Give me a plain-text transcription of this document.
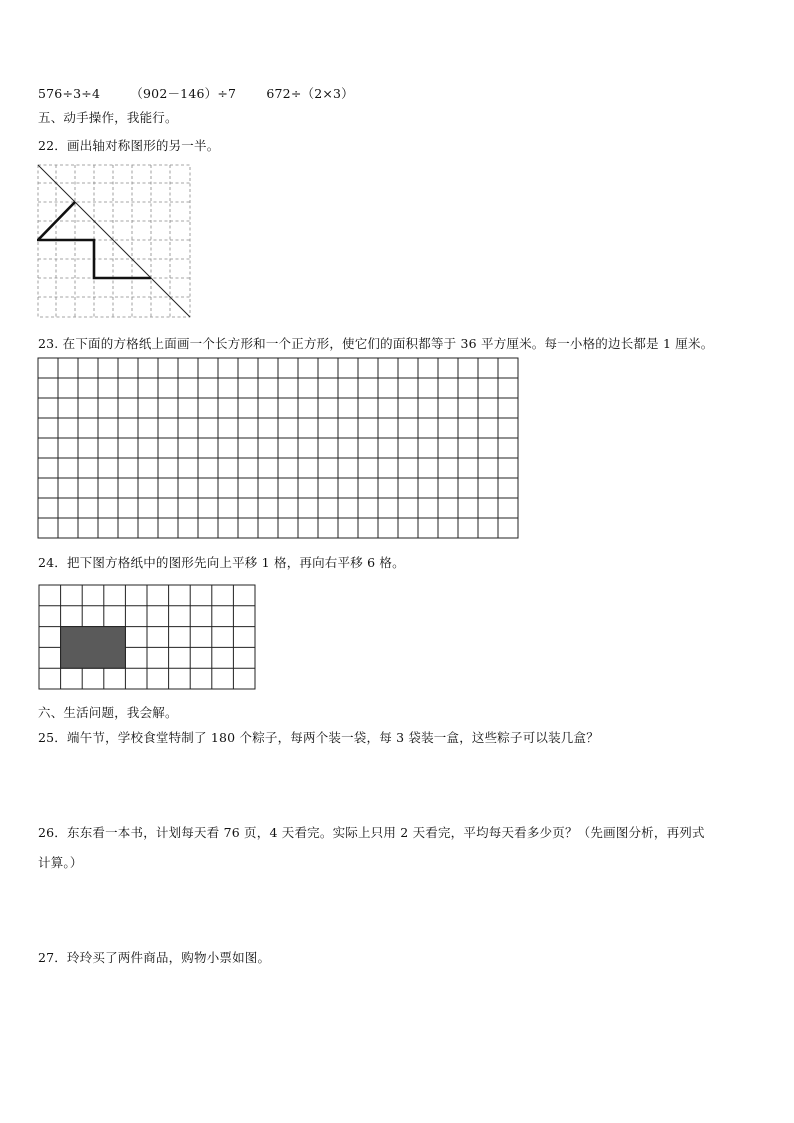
576÷3÷4 （902－146）÷7 672÷（2×3）
五、动手操作，我能行。
22．画出轴对称图形的另一半。
23. 在下面的方格纸上面画一个长方形和一个正方形，使它们的面积都等于 36 平方厘米。每一小格的边长都是 1 厘米。
24．把下图方格纸中的图形先向上平移 1 格，再向右平移 6 格。
六、生活问题，我会解。
25．端午节，学校食堂特制了 180 个粽子，每两个装一袋，每 3 袋装一盒，这些粽子可以装几盒？
26．东东看一本书，计划每天看 76 页，4 天看完。实际上只用 2 天看完，平均每天看多少页？（先画图分析，再列式
计算。）
27．玲玲买了两件商品，购物小票如图。
